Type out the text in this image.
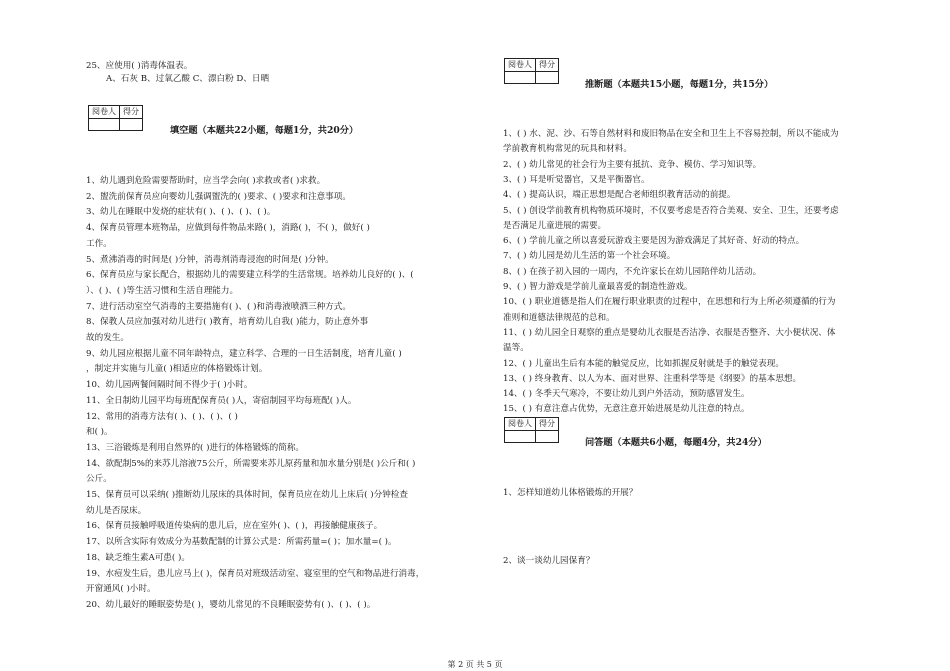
25、应使用( )消毒体温表。
A、石灰 B、过氧乙酸 C、漂白粉 D、日晒
阅卷人	得分

填空题（本题共22小题，每题1分，共20分）
1、幼儿遇到危险需要帮助时，应当学会向( )求救或者( )求救。
2、盥洗前保育员应向婴幼儿强调盥洗的( )要求、( )要求和注意事项。
3、幼儿在睡眠中发烧的症状有( )、( )、( )、( )。
4、保育员管理本班物品，应做到每件物品来路( )，消路( )，不( )，做好( )
工作。
5、煮沸消毒的时间是( )分钟，消毒剂消毒浸泡的时间是( )分钟。
6、保育员应与家长配合，根据幼儿的需要建立科学的生活常规。培养幼儿良好的( )、(
）、( )、( )等生活习惯和生活自理能力。
7、进行活动室空气消毒的主要措施有( )、( )和消毒液喷洒三种方式。
8、保教人员应加强对幼儿进行( )教育，培育幼儿自我( )能力，防止意外事
故的发生。
9、幼儿园应根据儿童不同年龄特点，建立科学、合理的一日生活制度，培育儿童( )
，制定并实施与儿童( )相适应的体格锻炼计划。
10、幼儿园两餐间隔时间不得少于( )小时。
11、全日制幼儿园平均每班配保育员( )人，寄宿制园平均每班配( )人。
12、常用的消毒方法有( )、( )、( )、( )
和( )。
13、三浴锻炼是利用自然界的( )进行的体格锻炼的简称。
14、欲配制5%的来苏儿溶液75公斤，所需要来苏儿原药量和加水量分别是( )公斤和( )
公斤。
15、保育员可以采纳( )推断幼儿尿床的具体时间，保育员应在幼儿上床后( )分钟检查
幼儿是否尿床。
16、保育员接触呼吸道传染病的患儿后，应在室外( )、( )，再接触健康孩子。
17、以所含实际有效成分为基数配制的计算公式是：所需药量=( )；加水量=( )。
18、缺乏维生素A可患( )。
19、水痘发生后，患儿应马上( )，保育员对班级活动室、寝室里的空气和物品进行消毒，
开窗通风( )小时。
20、幼儿最好的睡眠姿势是( )，婴幼儿常见的不良睡眠姿势有( )、( )、( )。
阅卷人	得分

推断题（本题共15小题，每题1分，共15分）
1、( ) 水、泥、沙、石等自然材料和废旧物品在安全和卫生上不容易控制，所以不能成为
学前教育机构常见的玩具和材料。
2、( ) 幼儿常见的社会行为主要有抵抗、竞争、模仿、学习知识等。
3、( ) 耳是听觉器官，又是平衡器官。
4、( ) 提高认识，端正思想是配合老师组织教育活动的前提。
5、( ) 创设学前教育机构物质环境时，不仅要考虑是否符合美观、安全、卫生，还要考虑
是否满足儿童进展的需要。
6、( ) 学前儿童之所以喜爱玩游戏主要是因为游戏满足了其好奇、好动的特点。
7、( ) 幼儿园是幼儿生活的第一个社会环境。
8、( ) 在孩子初入园的一周内，不允许家长在幼儿园陪伴幼儿活动。
9、( ) 智力游戏是学前儿童最喜爱的制造性游戏。
10、( ) 职业道德是指人们在履行职业职责的过程中，在思想和行为上所必须遵循的行为
准则和道德法律规范的总和。
11、( ) 幼儿园全日观察的重点是婴幼儿衣服是否洁净、衣服是否整齐、大小便状况、体
温等。
12、( ) 儿童出生后有本能的触觉反应，比如抓握反射就是手的触觉表现。
13、( ) 终身教育、以人为本、面对世界、注重科学等是《纲要》的基本思想。
14、( ) 冬季天气寒冷，不要让幼儿到户外活动，预防感冒发生。
15、( ) 有意注意占优势，无意注意开始进展是幼儿注意的特点。
阅卷人	得分

问答题（本题共6小题，每题4分，共24分）
1、怎样知道幼儿体格锻炼的开展？
2、谈一谈幼儿园保育？
第 2 页 共 5 页
